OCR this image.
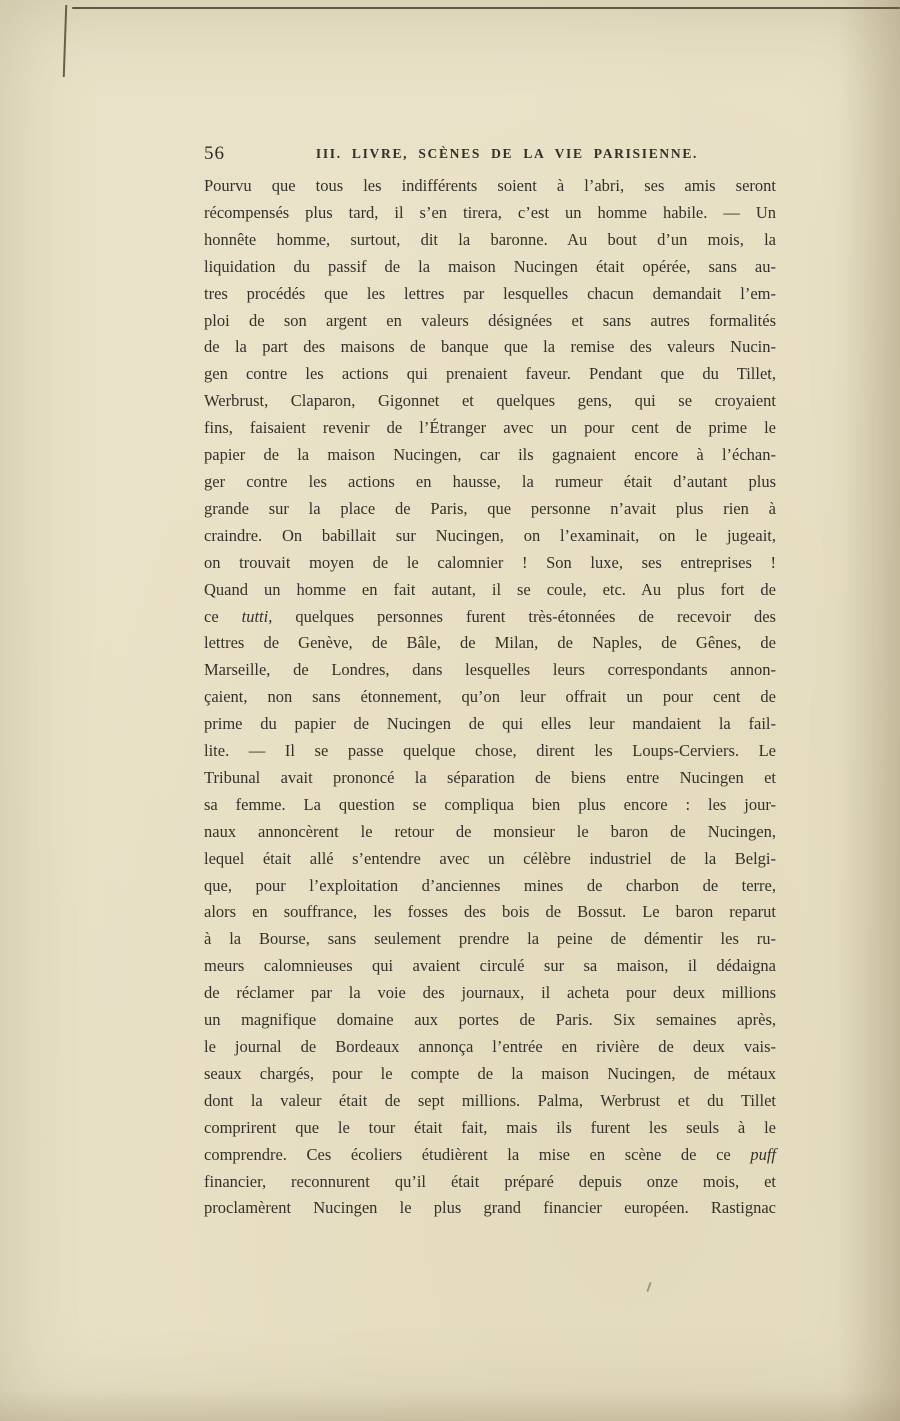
56	III. LIVRE, SCÈNES DE LA VIE PARISIENNE.
Pourvu que tous les indifférents soient à l’abri, ses amis seront
récompensés plus tard, il s’en tirera, c’est un homme habile. — Un
honnête homme, surtout, dit la baronne. Au bout d’un mois, la
liquidation du passif de la maison Nucingen était opérée, sans au-
tres procédés que les lettres par lesquelles chacun demandait l’em-
ploi de son argent en valeurs désignées et sans autres formalités
de la part des maisons de banque que la remise des valeurs Nucin-
gen contre les actions qui prenaient faveur. Pendant que du Tillet,
Werbrust, Claparon, Gigonnet et quelques gens, qui se croyaient
fins, faisaient revenir de l’Étranger avec un pour cent de prime le
papier de la maison Nucingen, car ils gagnaient encore à l’échan-
ger contre les actions en hausse, la rumeur était d’autant plus
grande sur la place de Paris, que personne n’avait plus rien à
craindre. On babillait sur Nucingen, on l’examinait, on le jugeait,
on trouvait moyen de le calomnier ! Son luxe, ses entreprises !
Quand un homme en fait autant, il se coule, etc. Au plus fort de
ce tutti, quelques personnes furent très-étonnées de recevoir des
lettres de Genève, de Bâle, de Milan, de Naples, de Gênes, de
Marseille, de Londres, dans lesquelles leurs correspondants annon-
çaient, non sans étonnement, qu’on leur offrait un pour cent de
prime du papier de Nucingen de qui elles leur mandaient la fail-
lite. — Il se passe quelque chose, dirent les Loups-Cerviers. Le
Tribunal avait prononcé la séparation de biens entre Nucingen et
sa femme. La question se compliqua bien plus encore : les jour-
naux annoncèrent le retour de monsieur le baron de Nucingen,
lequel était allé s’entendre avec un célèbre industriel de la Belgi-
que, pour l’exploitation d’anciennes mines de charbon de terre,
alors en souffrance, les fosses des bois de Bossut. Le baron reparut
à la Bourse, sans seulement prendre la peine de démentir les ru-
meurs calomnieuses qui avaient circulé sur sa maison, il dédaigna
de réclamer par la voie des journaux, il acheta pour deux millions
un magnifique domaine aux portes de Paris. Six semaines après,
le journal de Bordeaux annonça l’entrée en rivière de deux vais-
seaux chargés, pour le compte de la maison Nucingen, de métaux
dont la valeur était de sept millions. Palma, Werbrust et du Tillet
comprirent que le tour était fait, mais ils furent les seuls à le
comprendre. Ces écoliers étudièrent la mise en scène de ce puff
financier, reconnurent qu’il était préparé depuis onze mois, et
proclamèrent Nucingen le plus grand financier européen. Rastignac
